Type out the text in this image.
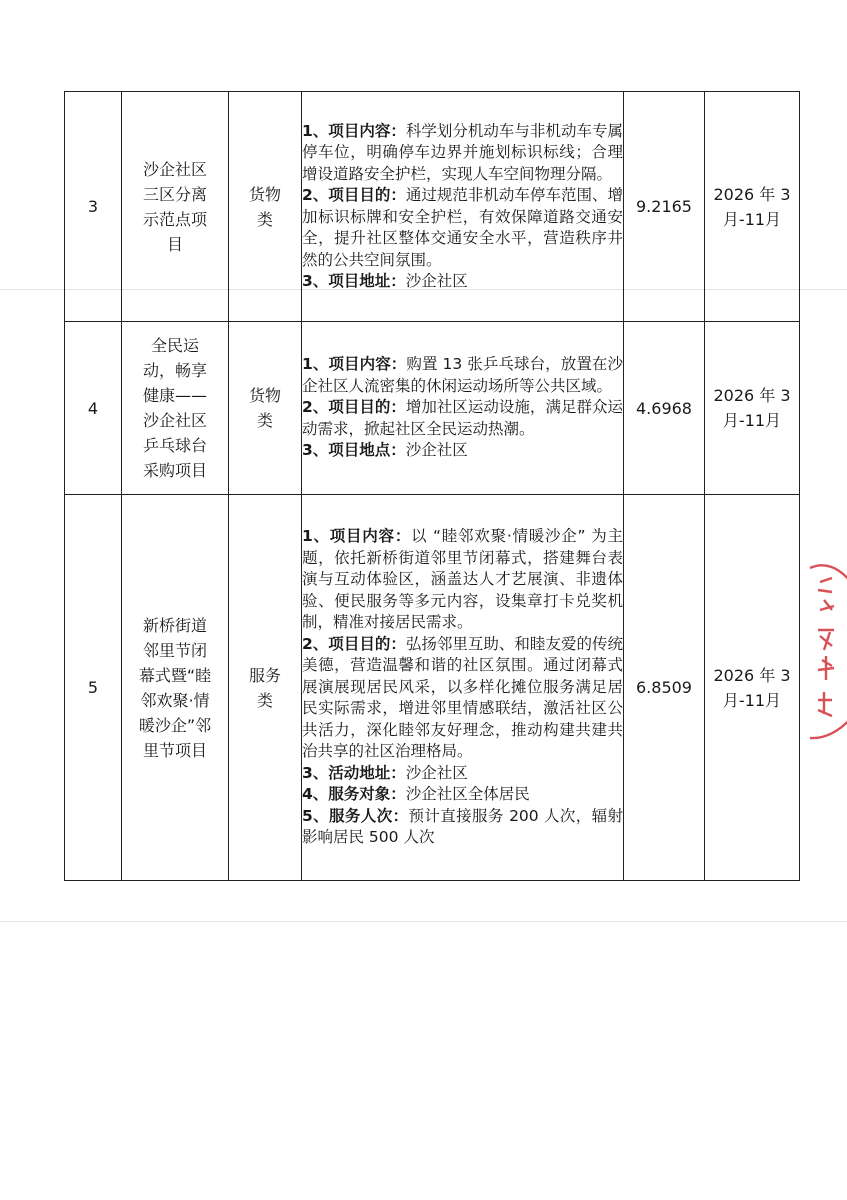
3	沙企社区三区分离示范点项目	货物类	1、项目内容：科学划分机动车与非机动车专属停车位，明确停车边界并施划标识标线；合理增设道路安全护栏，实现人车空间物理分隔。

2、项目目的：通过规范非机动车停车范围、增加标识标牌和安全护栏，有效保障道路交通安全，提升社区整体交通安全水平，营造秩序井然的公共空间氛围。

3、项目地址：沙企社区	9.2165	2026 年 3月-11月

4	全民运动，畅享健康——沙企社区乒乓球台采购项目	货物类	1、项目内容：购置 13 张乒乓球台，放置在沙企社区人流密集的休闲运动场所等公共区域。

2、项目目的：增加社区运动设施，满足群众运动需求，掀起社区全民运动热潮。

3、项目地点：沙企社区	4.6968	2026 年 3月-11月

5	新桥街道邻里节闭幕式暨“睦邻欢聚·情暖沙企”邻里节项目	服务类	1、项目内容：以 “睦邻欢聚·情暖沙企” 为主题，依托新桥街道邻里节闭幕式，搭建舞台表演与互动体验区，涵盖达人才艺展演、非遗体验、便民服务等多元内容，设集章打卡兑奖机制，精准对接居民需求。

2、项目目的：弘扬邻里互助、和睦友爱的传统美德，营造温馨和谐的社区氛围。通过闭幕式展演展现居民风采，以多样化摊位服务满足居民实际需求，增进邻里情感联结，激活社区公共活力，深化睦邻友好理念，推动构建共建共治共享的社区治理格局。

3、活动地址：沙企社区

4、服务对象：沙企社区全体居民

5、服务人次：预计直接服务 200 人次，辐射影响居民 500 人次	6.8509	2026 年 3月-11月
